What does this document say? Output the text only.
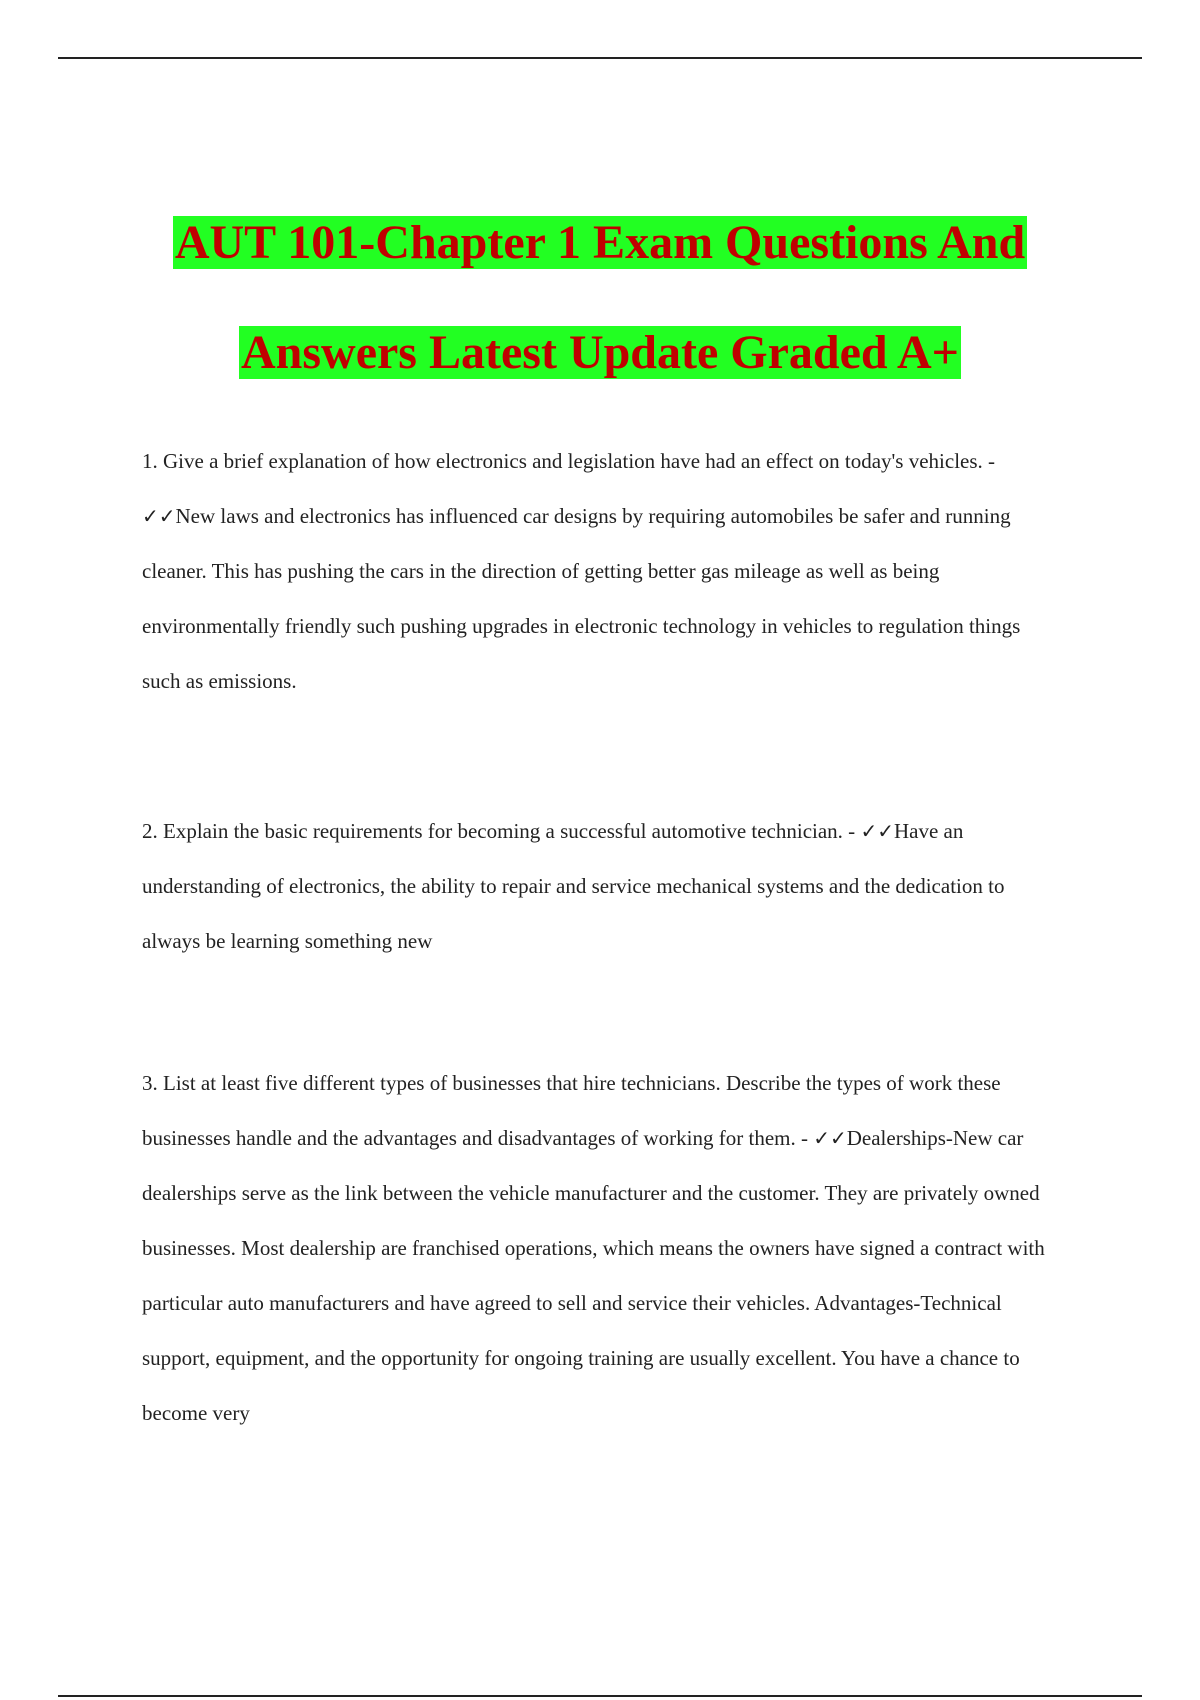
AUT 101-Chapter 1 Exam Questions And
Answers Latest Update Graded A+

1. Give a brief explanation of how electronics and legislation have had an effect on today's vehicles. - ✓✓New laws and electronics has influenced car designs by requiring automobiles be safer and running cleaner. This has pushing the cars in the direction of getting better gas mileage as well as being environmentally friendly such pushing upgrades in electronic technology in vehicles to regulation things such as emissions.

2. Explain the basic requirements for becoming a successful automotive technician. - ✓✓Have an understanding of electronics, the ability to repair and service mechanical systems and the dedication to always be learning something new

3. List at least five different types of businesses that hire technicians. Describe the types of work these businesses handle and the advantages and disadvantages of working for them. - ✓✓Dealerships-New car dealerships serve as the link between the vehicle manufacturer and the customer. They are privately owned businesses. Most dealership are franchised operations, which means the owners have signed a contract with particular auto manufacturers and have agreed to sell and service their vehicles. Advantages-Technical support, equipment, and the opportunity for ongoing training are usually excellent. You have a chance to become very
